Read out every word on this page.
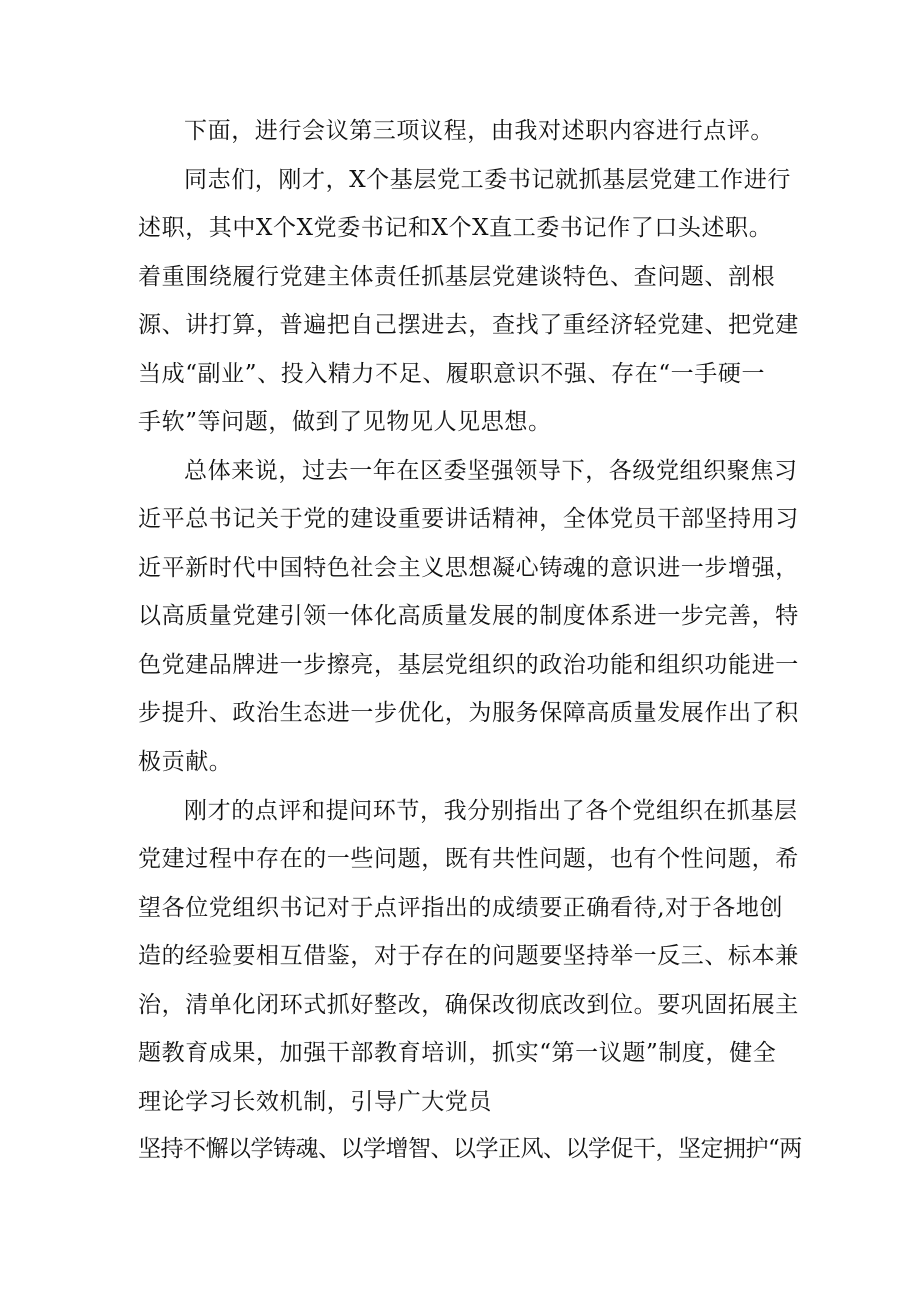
下面，进行会议第三项议程，由我对述职内容进行点评。
同志们，刚才，X个基层党工委书记就抓基层党建工作进行
述职，其中X个X党委书记和X个X直工委书记作了口头述职。
着重围绕履行党建主体责任抓基层党建谈特色、查问题、剖根
源、讲打算，普遍把自己摆进去，查找了重经济轻党建、把党建
当成“副业”、投入精力不足、履职意识不强、存在“一手硬一
手软”等问题，做到了见物见人见思想。
总体来说，过去一年在区委坚强领导下，各级党组织聚焦习
近平总书记关于党的建设重要讲话精神，全体党员干部坚持用习
近平新时代中国特色社会主义思想凝心铸魂的意识进一步增强，
以高质量党建引领一体化高质量发展的制度体系进一步完善，特
色党建品牌进一步擦亮，基层党组织的政治功能和组织功能进一
步提升、政治生态进一步优化，为服务保障高质量发展作出了积
极贡献。
刚才的点评和提问环节，我分别指出了各个党组织在抓基层
党建过程中存在的一些问题，既有共性问题，也有个性问题，希
望各位党组织书记对于点评指出的成绩要正确看待,对于各地创
造的经验要相互借鉴，对于存在的问题要坚持举一反三、标本兼
治，清单化闭环式抓好整改，确保改彻底改到位。要巩固拓展主
题教育成果，加强干部教育培训，抓实“第一议题”制度，健全
理论学习长效机制，引导广大党员
坚持不懈以学铸魂、以学增智、以学正风、以学促干，坚定拥护“两
